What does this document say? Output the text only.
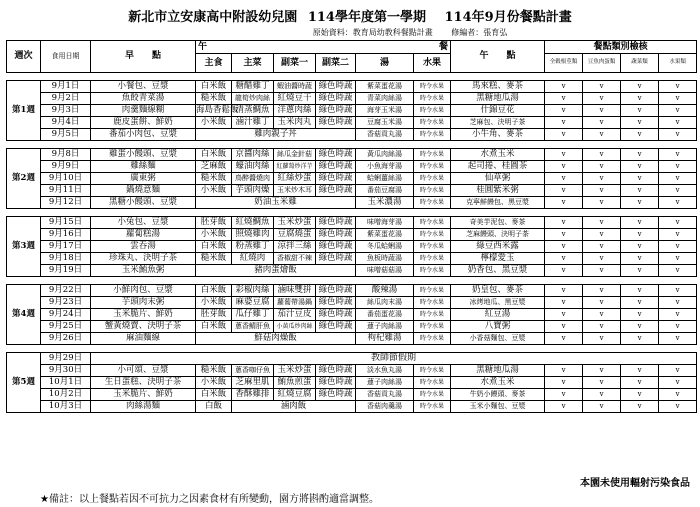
新北市立安康高中附設幼兒園 114學年度第一學期 114年9月份餐點計畫
原始資料：教育局幼教科餐點計畫 修編者：張育弘
週次	食用日期	早　　點	午			餐			午　　點	餐點類別檢核			
			主食	主菜	副菜一	副菜二	湯	水果		全穀根莖類	豆魚肉蛋類	蔬菜類	水果類

第1週	9月1日	小餐包、豆漿	白米飯	糖醋雞丁	蝦油醬時蔬	綠色時蔬	紫菜蛋花湯	時令水果	馬來糕、麥茶	v	v	v	v
	9月2日	魚餃青菜湯	糙米飯	龍筍炒肉絲	紅燒豆干	綠色時蔬	青菜肉絲湯	時令水果	黑糖地瓜湯	v	v	v	v
	9月3日	肉羹麵線糊	海島香鬆飯	清蒸鯛魚	洋蔥肉絲	綠色時蔬	海芽玉米湯	時令水果	什錦豆花	v	v	v	v
	9月4日	鹿皮蛋餅、鮮奶	小米飯	滷汁雞丁	玉米肉丸	綠色時蔬	豆腐玉米湯	時令水果	芝麻包、決明子茶	v	v	v	v
	9月5日	番茄小肉包、豆漿	雞肉親子丼				香菇貢丸湯	時令水果	小牛角、麥茶	v	v	v	v

第2週	9月8日	雞蛋小饅頭、豆漿	白米飯	京醬肉絲	絲瓜金針菇	綠色時蔬	黃瓜肉絲湯	時令水果	水煮玉米	v	v	v	v
	9月9日	雞絲麵	芝麻飯	蠔油肉絲	紅蘿蔔炒洋芋	綠色時蔬	小魚海芽湯	時令水果	起司捲、桂圓茶	v	v	v	v
	9月10日	廣東粥	糙米飯	鳥醉醬燒肉	紅絲炒蛋	綠色時蔬	蛤蜊薑絲湯	時令水果	仙草粥	v	v	v	v
	9月11日	鍋燒意麵	小米飯	芋頭肉燥	玉米炒木耳	綠色時蔬	番茄豆腐湯	時令水果	桂圓紫米粥	v	v	v	v
	9月12日	黑糖小饅頭、豆漿	奶油玉米雞				玉米濃湯	時令水果	克寧鮮饅包、黑豆漿	v	v	v	v

第3週	9月15日	小兔包、豆漿	胚芽飯	紅燒鯛魚	玉米炒蛋	綠色時蔬	味噌海芽湯	時令水果	奇美芋泥包、麥茶	v	v	v	v
	9月16日	蘿蔔糕湯	小米飯	照燒雞肉	豆腐燒蛋	綠色時蔬	紫菜蛋花湯	時令水果	芝麻饅頭、決明子茶	v	v	v	v
	9月17日	雲吞湯	白米飯	粉蒸雞丁	涼拌三絲	綠色時蔬	冬瓜蛤蜊湯	時令水果	綠豆西米露	v	v	v	v
	9月18日	珍珠丸、決明子茶	糙米飯	紅燒肉	香椒甜不辣	綠色時蔬	魚板時蔬湯	時令水果	檸檬愛玉	v	v	v	v
	9月19日	玉米鮪魚粥	豬肉蛋燴飯				味噌菇菇湯	時令水果	奶香包、黑豆漿	v	v	v	v

第4週	9月22日	小鮮肉包、豆漿	白米飯	彩椒肉絲	滷味雙拼	綠色時蔬	酸辣湯	時令水果	奶皇包、麥茶	v	v	v	v
	9月23日	芋頭肉末粥	小米飯	麻婆豆腐	蘿蔔帶湯鍋	綠色時蔬	絲瓜肉末湯	時令水果	冰烤地瓜、黑豆漿	v	v	v	v
	9月24日	玉米脆片、鮮奶	胚芽飯	瓜仔雞丁	茄汁豆皮	綠色時蔬	番茄蛋花湯	時令水果	紅豆湯	v	v	v	v
	9月25日	蟹黃燒賣、決明子茶	白米飯	蔥香鯖肝魚	小黃瓜炒肉絲	綠色時蔬	蓮子肉絲湯	時令水果	八寶粥	v	v	v	v
	9月26日	麻油麵線	鮮菇肉燥飯				枸杞雞湯	時令水果	小香菇麵包、豆漿	v	v	v	v

第5週	9月29日	教師節假期											
	9月30日	小可頌、豆漿	糙米飯	蔥香咖仔魚	玉米炒蛋	綠色時蔬	淡水魚丸湯	時令水果	黑糖地瓜湯	v	v	v	v
	10月1日	生日蛋糕、決明子茶	小米飯	芝麻里肌	鮪魚煎蛋	綠色時蔬	蓮子肉絲湯	時令水果	水煮玉米	v	v	v	v
	10月2日	玉米脆片、鮮奶	白米飯	香酥雞排	紅燒豆腐	綠色時蔬	香菇貢丸湯	時令水果	牛奶小饅頭、麥茶	v	v	v	v
	10月3日	肉絲湯麵	白飯	滷肉飯			香菇肉羹湯	時令水果	玉米小麵包、豆漿	v	v	v	v
本園未使用輻射污染食品
★備註：以上餐點若因不可抗力之因素食材有所變動，園方將斟酌適當調整。
